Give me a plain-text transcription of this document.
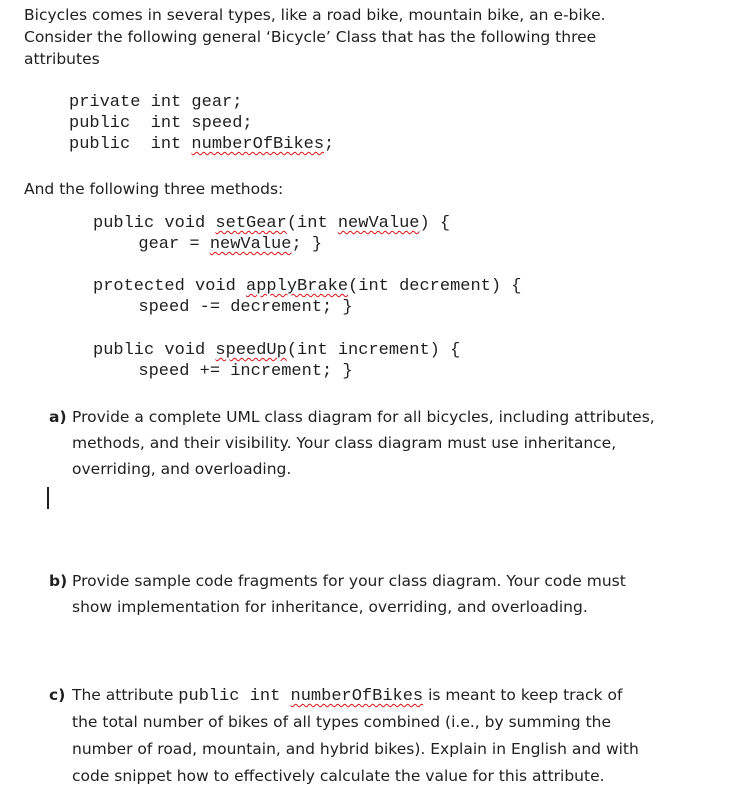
Bicycles comes in several types, like a road bike, mountain bike, an e-bike.
Consider the following general ‘Bicycle’ Class that has the following three
attributes
private int gear;
public  int speed;
public  int numberOfBikes;
And the following three methods:
public void setGear(int newValue) {
gear = newValue; }
protected void applyBrake(int decrement) {
speed -= decrement; }
public void speedUp(int increment) {
speed += increment; }
a) Provide a complete UML class diagram for all bicycles, including attributes,
methods, and their visibility. Your class diagram must use inheritance,
overriding, and overloading.
b) Provide sample code fragments for your class diagram. Your code must
show implementation for inheritance, overriding, and overloading.
c) The attribute public int numberOfBikes is meant to keep track of
the total number of bikes of all types combined (i.e., by summing the
number of road, mountain, and hybrid bikes). Explain in English and with
code snippet how to effectively calculate the value for this attribute.
